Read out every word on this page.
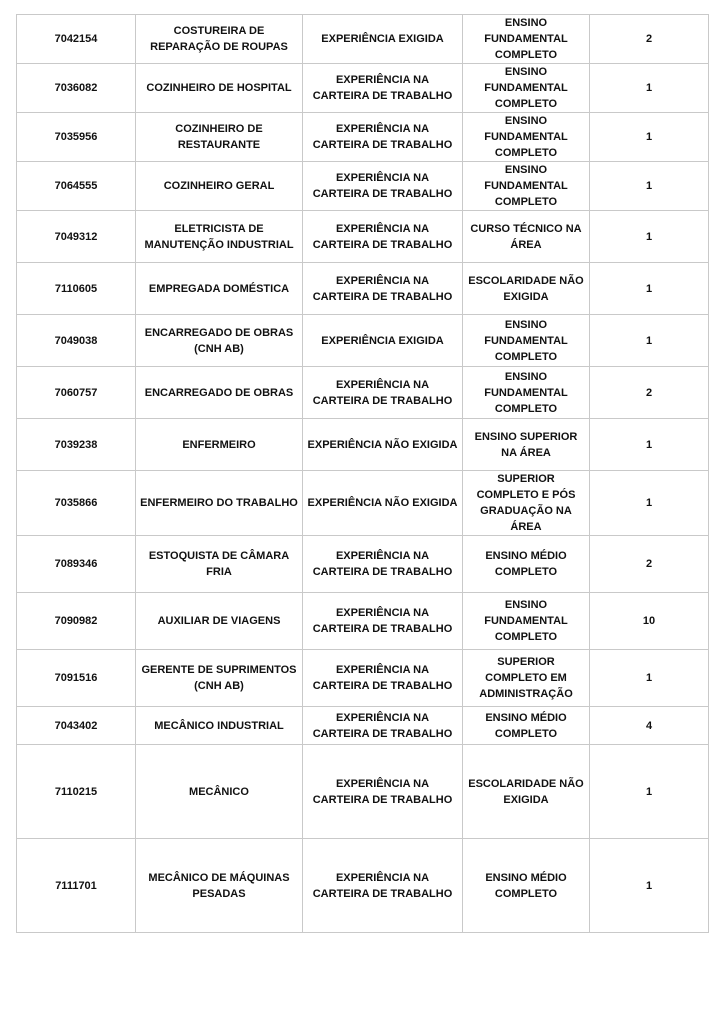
7042154	COSTUREIRA DE REPARAÇÃO DE ROUPAS	EXPERIÊNCIA EXIGIDA	ENSINO FUNDAMENTAL COMPLETO	2
7036082	COZINHEIRO DE HOSPITAL	EXPERIÊNCIA NA CARTEIRA DE TRABALHO	ENSINO FUNDAMENTAL COMPLETO	1
7035956	COZINHEIRO DE RESTAURANTE	EXPERIÊNCIA NA CARTEIRA DE TRABALHO	ENSINO FUNDAMENTAL COMPLETO	1
7064555	COZINHEIRO GERAL	EXPERIÊNCIA NA CARTEIRA DE TRABALHO	ENSINO FUNDAMENTAL COMPLETO	1
7049312	ELETRICISTA DE MANUTENÇÃO INDUSTRIAL	EXPERIÊNCIA NA CARTEIRA DE TRABALHO	CURSO TÉCNICO NA ÁREA	1
7110605	EMPREGADA DOMÉSTICA	EXPERIÊNCIA NA CARTEIRA DE TRABALHO	ESCOLARIDADE NÃO EXIGIDA	1
7049038	ENCARREGADO DE OBRAS (CNH AB)	EXPERIÊNCIA EXIGIDA	ENSINO FUNDAMENTAL COMPLETO	1
7060757	ENCARREGADO DE OBRAS	EXPERIÊNCIA NA CARTEIRA DE TRABALHO	ENSINO FUNDAMENTAL COMPLETO	2
7039238	ENFERMEIRO	EXPERIÊNCIA NÃO EXIGIDA	ENSINO SUPERIOR NA ÁREA	1
7035866	ENFERMEIRO DO TRABALHO	EXPERIÊNCIA NÃO EXIGIDA	SUPERIOR COMPLETO E PÓS GRADUAÇÃO NA ÁREA	1
7089346	ESTOQUISTA DE CÂMARA FRIA	EXPERIÊNCIA NA CARTEIRA DE TRABALHO	ENSINO MÉDIO COMPLETO	2
7090982	AUXILIAR DE VIAGENS	EXPERIÊNCIA NA CARTEIRA DE TRABALHO	ENSINO FUNDAMENTAL COMPLETO	10
7091516	GERENTE DE SUPRIMENTOS (CNH AB)	EXPERIÊNCIA NA CARTEIRA DE TRABALHO	SUPERIOR COMPLETO EM ADMINISTRAÇÃO	1
7043402	MECÂNICO INDUSTRIAL	EXPERIÊNCIA NA CARTEIRA DE TRABALHO	ENSINO MÉDIO COMPLETO	4
7110215	MECÂNICO	EXPERIÊNCIA NA CARTEIRA DE TRABALHO	ESCOLARIDADE NÃO EXIGIDA	1
7111701	MECÂNICO DE MÁQUINAS PESADAS	EXPERIÊNCIA NA CARTEIRA DE TRABALHO	ENSINO MÉDIO COMPLETO	1
